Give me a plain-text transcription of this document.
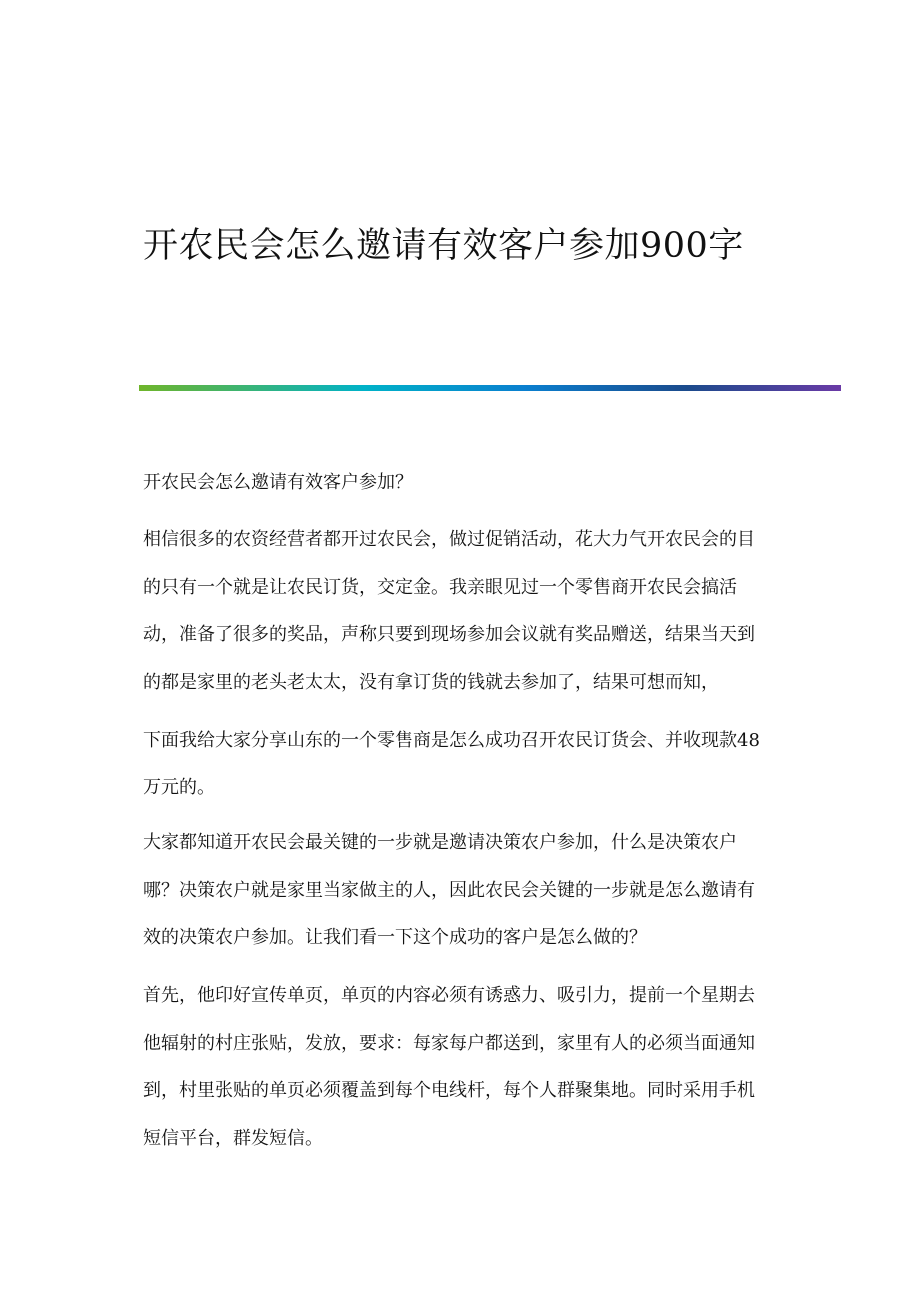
开农民会怎么邀请有效客户参加900字
开农民会怎么邀请有效客户参加？
相信很多的农资经营者都开过农民会，做过促销活动，花大力气开农民会的目
的只有一个就是让农民订货，交定金。我亲眼见过一个零售商开农民会搞活
动，准备了很多的奖品，声称只要到现场参加会议就有奖品赠送，结果当天到
的都是家里的老头老太太，没有拿订货的钱就去参加了，结果可想而知，
下面我给大家分享山东的一个零售商是怎么成功召开农民订货会、并收现款48
万元的。
大家都知道开农民会最关键的一步就是邀请决策农户参加，什么是决策农户
哪？决策农户就是家里当家做主的人，因此农民会关键的一步就是怎么邀请有
效的决策农户参加。让我们看一下这个成功的客户是怎么做的？
首先，他印好宣传单页，单页的内容必须有诱惑力、吸引力，提前一个星期去
他辐射的村庄张贴，发放，要求：每家每户都送到，家里有人的必须当面通知
到，村里张贴的单页必须覆盖到每个电线杆，每个人群聚集地。同时采用手机
短信平台，群发短信。
